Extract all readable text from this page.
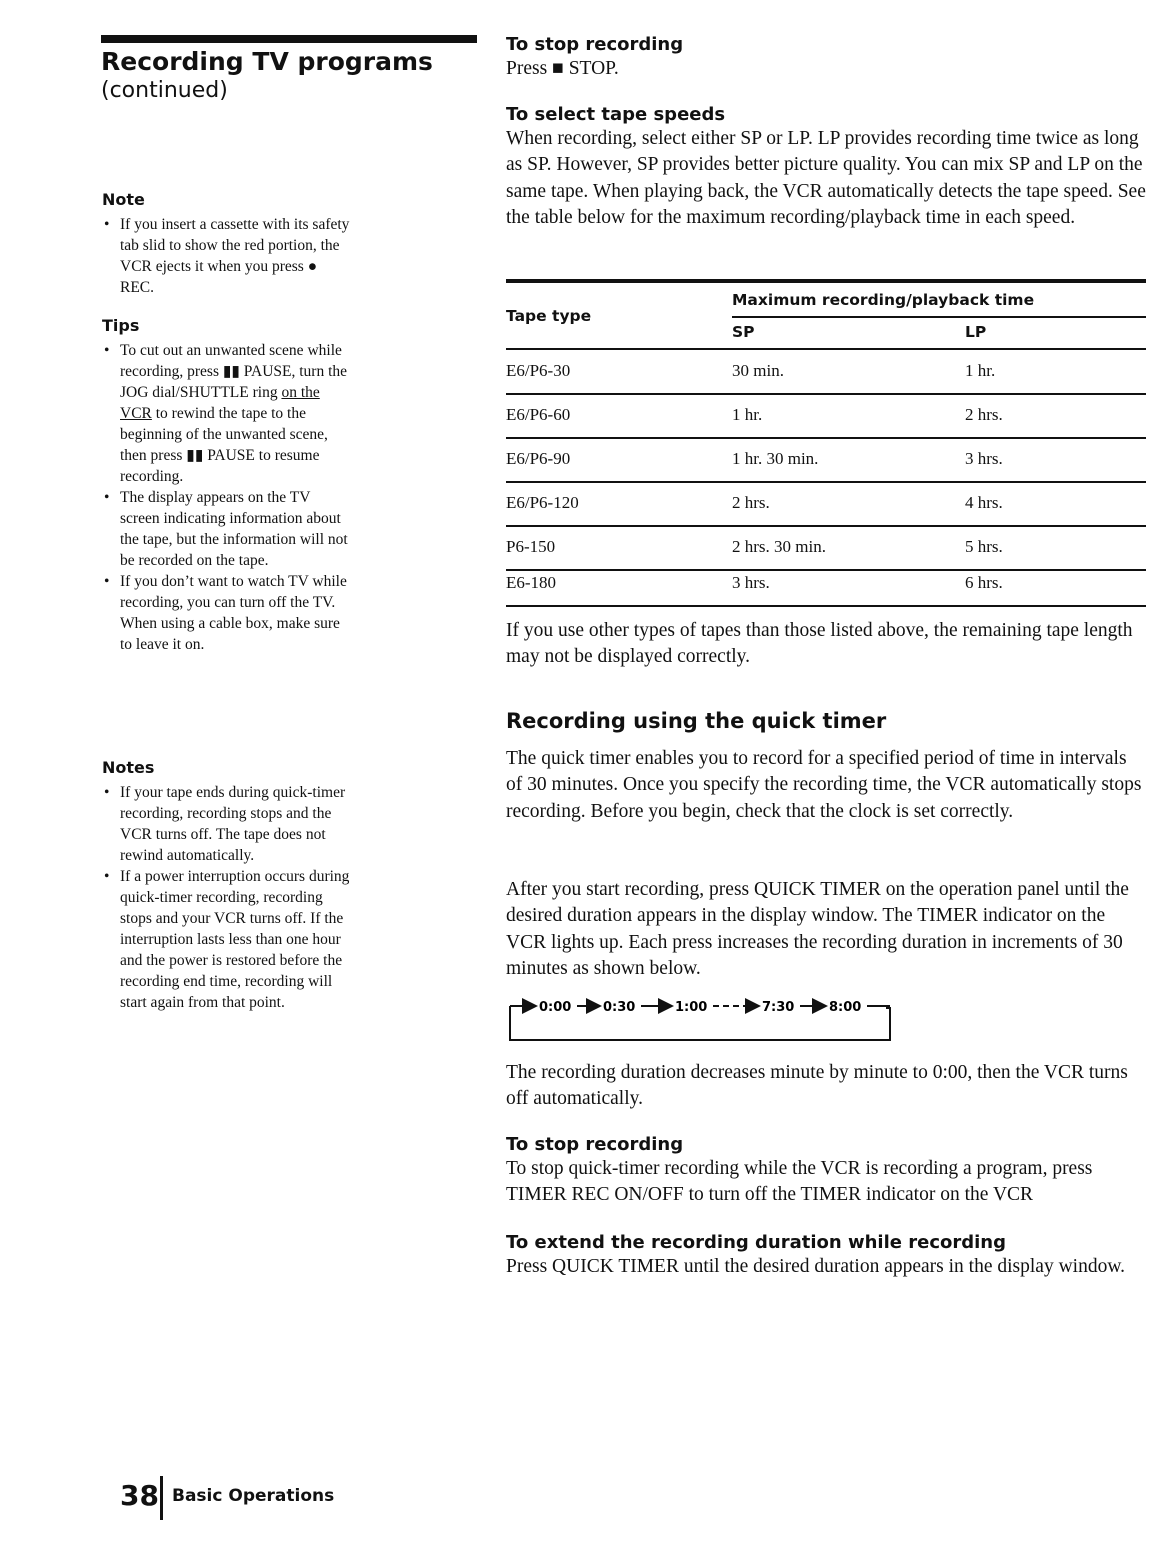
Recording TV programs
(continued)
Note
• If you insert a cassette with its safety tab slid to show the red portion, the VCR ejects it when you press ● REC.
Tips
• To cut out an unwanted scene while recording, press ▮▮ PAUSE, turn the JOG dial/SHUTTLE ring on the VCR to rewind the tape to the beginning of the unwanted scene, then press ▮▮ PAUSE to resume recording.
• The display appears on the TV screen indicating information about the tape, but the information will not be recorded on the tape.
• If you don’t want to watch TV while recording, you can turn off the TV. When using a cable box, make sure to leave it on.
Notes
• If your tape ends during quick-timer recording, recording stops and the VCR turns off. The tape does not rewind automatically.
• If a power interruption occurs during quick-timer recording, recording stops and your VCR turns off. If the interruption lasts less than one hour and the power is restored before the recording end time, recording will start again from that point.
To stop recording
Press ■ STOP.
To select tape speeds
When recording, select either SP or LP. LP provides recording time twice as long as SP. However, SP provides better picture quality. You can mix SP and LP on the same tape. When playing back, the VCR automatically detects the tape speed. See the table below for the maximum recording/playback time in each speed.
Tape type
Maximum recording/playback time
SP	LP
E6/P6-30	30 min.	1 hr.
E6/P6-60	1 hr.	2 hrs.
E6/P6-90	1 hr. 30 min.	3 hrs.
E6/P6-120	2 hrs.	4 hrs.
P6-150	2 hrs. 30 min.	5 hrs.
E6-180	3 hrs.	6 hrs.
If you use other types of tapes than those listed above, the remaining tape length may not be displayed correctly.
Recording using the quick timer
The quick timer enables you to record for a specified period of time in intervals of 30 minutes. Once you specify the recording time, the VCR automatically stops recording. Before you begin, check that the clock is set correctly.
After you start recording, press QUICK TIMER on the operation panel until the desired duration appears in the display window. The TIMER indicator on the VCR lights up. Each press increases the recording duration in increments of 30 minutes as shown below.
0:00 0:30	1:00	7:30	8:00
The recording duration decreases minute by minute to 0:00, then the VCR turns off automatically.
To stop recording
To stop quick-timer recording while the VCR is recording a program, press TIMER REC ON/OFF to turn off the TIMER indicator on the VCR
To extend the recording duration while recording
Press QUICK TIMER until the desired duration appears in the display window.
38 Basic Operations
